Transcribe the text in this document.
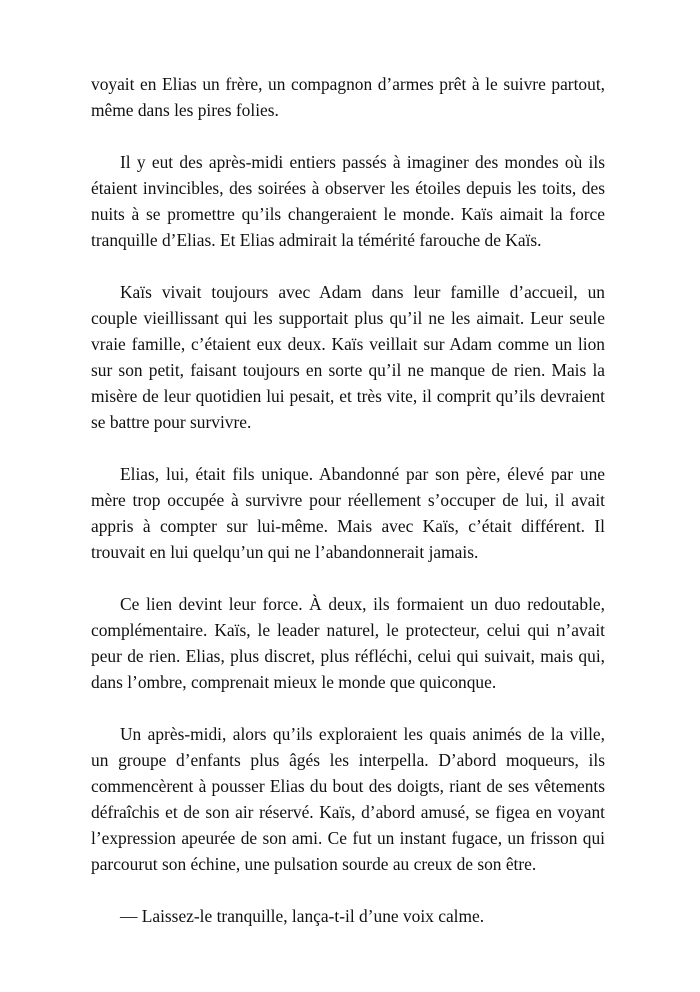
voyait en Elias un frère, un compagnon d’armes prêt à le suivre partout, même dans les pires folies.

Il y eut des après-midi entiers passés à imaginer des mondes où ils étaient invincibles, des soirées à observer les étoiles depuis les toits, des nuits à se promettre qu’ils changeraient le monde. Kaïs aimait la force tranquille d’Elias. Et Elias admirait la témérité farouche de Kaïs.

Kaïs vivait toujours avec Adam dans leur famille d’accueil, un couple vieillissant qui les supportait plus qu’il ne les aimait. Leur seule vraie famille, c’étaient eux deux. Kaïs veillait sur Adam comme un lion sur son petit, faisant toujours en sorte qu’il ne manque de rien. Mais la misère de leur quotidien lui pesait, et très vite, il comprit qu’ils devraient se battre pour survivre.

Elias, lui, était fils unique. Abandonné par son père, élevé par une mère trop occupée à survivre pour réellement s’occuper de lui, il avait appris à compter sur lui-même. Mais avec Kaïs, c’était différent. Il trouvait en lui quelqu’un qui ne l’abandonnerait jamais.

Ce lien devint leur force. À deux, ils formaient un duo redoutable, complémentaire. Kaïs, le leader naturel, le protecteur, celui qui n’avait peur de rien. Elias, plus discret, plus réfléchi, celui qui suivait, mais qui, dans l’ombre, comprenait mieux le monde que quiconque.

Un après-midi, alors qu’ils exploraient les quais animés de la ville, un groupe d’enfants plus âgés les interpella. D’abord moqueurs, ils commencèrent à pousser Elias du bout des doigts, riant de ses vêtements défraîchis et de son air réservé. Kaïs, d’abord amusé, se figea en voyant l’expression apeurée de son ami. Ce fut un instant fugace, un frisson qui parcourut son échine, une pulsation sourde au creux de son être.

— Laissez-le tranquille, lança-t-il d’une voix calme.
